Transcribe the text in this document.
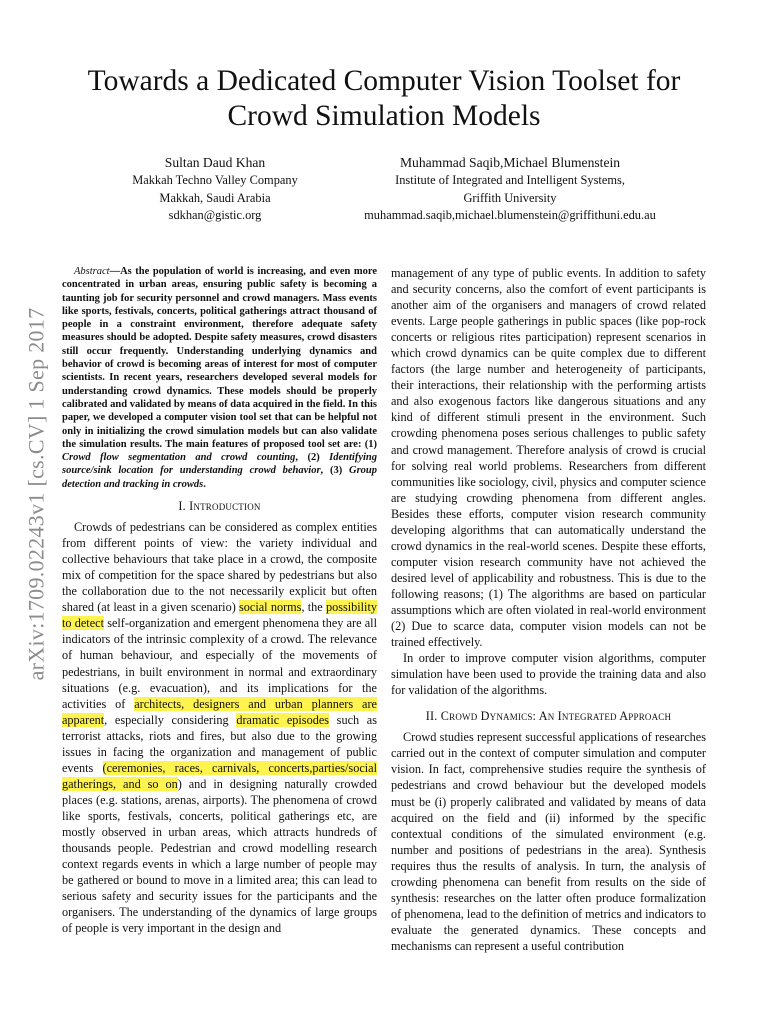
arXiv:1709.02243v1 [cs.CV] 1 Sep 2017
Towards a Dedicated Computer Vision Toolset for
Crowd Simulation Models
Sultan Daud Khan
Makkah Techno Valley Company
Makkah, Saudi Arabia
sdkhan@gistic.org
Muhammad Saqib,Michael Blumenstein
Institute of Integrated and Intelligent Systems,
Griffith University
muhammad.saqib,michael.blumenstein@griffithuni.edu.au

Abstract—As the population of world is increasing, and even more concentrated in urban areas, ensuring public safety is becoming a taunting job for security personnel and crowd managers. Mass events like sports, festivals, concerts, political gatherings attract thousand of people in a constraint environment, therefore adequate safety measures should be adopted. Despite safety measures, crowd disasters still occur frequently. Understanding underlying dynamics and behavior of crowd is becoming areas of interest for most of computer scientists. In recent years, researchers developed several models for understanding crowd dynamics. These models should be properly calibrated and validated by means of data acquired in the field. In this paper, we developed a computer vision tool set that can be helpful not only in initializing the crowd simulation models but can also validate the simulation results. The main features of proposed tool set are: (1) Crowd flow segmentation and crowd counting, (2) Identifying source/sink location for understanding crowd behavior, (3) Group detection and tracking in crowds.

I. Introduction

Crowds of pedestrians can be considered as complex entities from different points of view: the variety individual and collective behaviours that take place in a crowd, the composite mix of competition for the space shared by pedestrians but also the collaboration due to the not necessarily explicit but often shared (at least in a given scenario) social norms, the possibility to detect self-organization and emergent phenomena they are all indicators of the intrinsic complexity of a crowd. The relevance of human behaviour, and especially of the movements of pedestrians, in built environment in normal and extraordinary situations (e.g. evacuation), and its implications for the activities of architects, designers and urban planners are apparent, especially considering dramatic episodes such as terrorist attacks, riots and fires, but also due to the growing issues in facing the organization and management of public events (ceremonies, races, carnivals, concerts,parties/social gatherings, and so on) and in designing naturally crowded places (e.g. stations, arenas, airports). The phenomena of crowd like sports, festivals, concerts, political gatherings etc, are mostly observed in urban areas, which attracts hundreds of thousands people. Pedestrian and crowd modelling research context regards events in which a large number of people may be gathered or bound to move in a limited area; this can lead to serious safety and security issues for the participants and the organisers. The understanding of the dynamics of large groups of people is very important in the design and

management of any type of public events. In addition to safety and security concerns, also the comfort of event participants is another aim of the organisers and managers of crowd related events. Large people gatherings in public spaces (like pop-rock concerts or religious rites participation) represent scenarios in which crowd dynamics can be quite complex due to different factors (the large number and heterogeneity of participants, their interactions, their relationship with the performing artists and also exogenous factors like dangerous situations and any kind of different stimuli present in the environment. Such crowding phenomena poses serious challenges to public safety and crowd management. Therefore analysis of crowd is crucial for solving real world problems. Researchers from different communities like sociology, civil, physics and computer science are studying crowding phenomena from different angles. Besides these efforts, computer vision research community developing algorithms that can automatically understand the crowd dynamics in the real-world scenes. Despite these efforts, computer vision research community have not achieved the desired level of applicability and robustness. This is due to the following reasons; (1) The algorithms are based on particular assumptions which are often violated in real-world environment (2) Due to scarce data, computer vision models can not be trained effectively.

In order to improve computer vision algorithms, computer simulation have been used to provide the training data and also for validation of the algorithms.

II. Crowd Dynamics: An Integrated Approach

Crowd studies represent successful applications of researches carried out in the context of computer simulation and computer vision. In fact, comprehensive studies require the synthesis of pedestrians and crowd behaviour but the developed models must be (i) properly calibrated and validated by means of data acquired on the field and (ii) informed by the specific contextual conditions of the simulated environment (e.g. number and positions of pedestrians in the area). Synthesis requires thus the results of analysis. In turn, the analysis of crowding phenomena can benefit from results on the side of synthesis: researches on the latter often produce formalization of phenomena, lead to the definition of metrics and indicators to evaluate the generated dynamics. These concepts and mechanisms can represent a useful contribution
